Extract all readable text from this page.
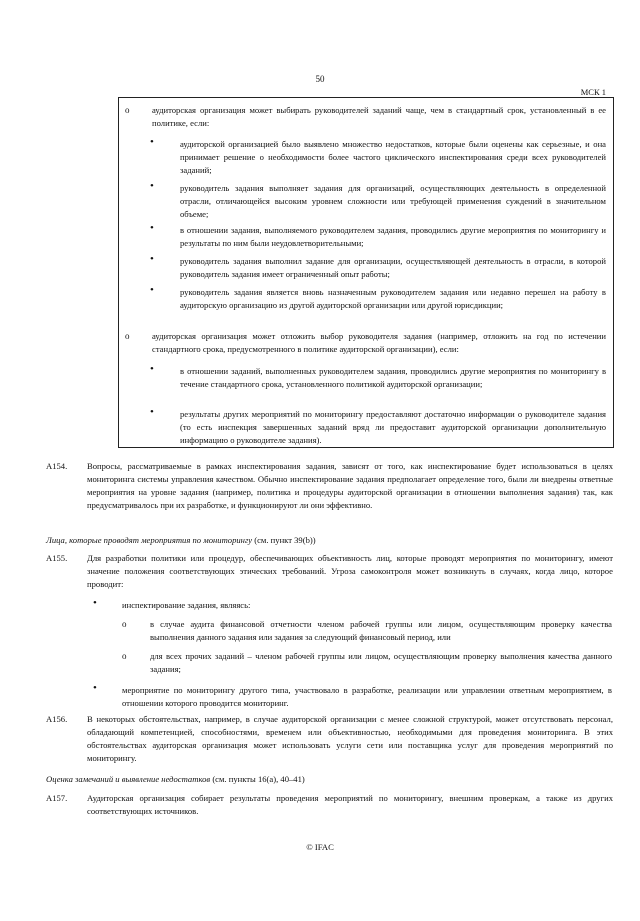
50
МСК 1
o	аудиторская организация может выбирать руководителей заданий чаще, чем в стандартный срок, установленный в ее политике, если:
•	аудиторской организацией было выявлено множество недостатков, которые были оценены как серьезные, и она принимает решение о необходимости более частого циклического инспектирования среди всех руководителей заданий;
•	руководитель задания выполняет задания для организаций, осуществляющих деятельность в определенной отрасли, отличающейся высоким уровнем сложности или требующей применения суждений в значительном объеме;
•	в отношении задания, выполняемого руководителем задания, проводились другие мероприятия по мониторингу и результаты по ним были неудовлетворительными;
•	руководитель задания выполнил задание для организации, осуществляющей деятельность в отрасли, в которой руководитель задания имеет ограниченный опыт работы;
•	руководитель задания является вновь назначенным руководителем задания или недавно перешел на работу в аудиторскую организацию из другой аудиторской организации или другой юрисдикции;
o	аудиторская организация может отложить выбор руководителя задания (например, отложить на год по истечении стандартного срока, предусмотренного в политике аудиторской организации), если:
•	в отношении заданий, выполненных руководителем задания, проводились другие мероприятия по мониторингу в течение стандартного срока, установленного политикой аудиторской организации;
•	результаты других мероприятий по мониторингу предоставляют достаточно информации о руководителе задания (то есть инспекция завершенных заданий вряд ли предоставит аудиторской организации дополнительную информацию о руководителе задания).
A154. Вопросы, рассматриваемые в рамках инспектирования задания, зависят от того, как инспектирование будет использоваться в целях мониторинга системы управления качеством. Обычно инспектирование задания предполагает определение того, были ли внедрены ответные мероприятия на уровне задания (например, политика и процедуры аудиторской организации в отношении выполнения задания) так, как предусматривалось при их разработке, и функционируют ли они эффективно.
Лица, которые проводят мероприятия по мониторингу (см. пункт 39(b))
A155. Для разработки политики или процедур, обеспечивающих объективность лиц, которые проводят мероприятия по мониторингу, имеют значение положения соответствующих этических требований. Угроза самоконтроля может возникнуть в случаях, когда лицо, которое проводит:
•	инспектирование задания, являясь:
o	в случае аудита финансовой отчетности членом рабочей группы или лицом, осуществляющим проверку качества выполнения данного задания или задания за следующий финансовый период, или
o	для всех прочих заданий – членом рабочей группы или лицом, осуществляющим проверку выполнения качества данного задания;
•	мероприятие по мониторингу другого типа, участвовало в разработке, реализации или управлении ответным мероприятием, в отношении которого проводится мониторинг.
A156. В некоторых обстоятельствах, например, в случае аудиторской организации с менее сложной структурой, может отсутствовать персонал, обладающий компетенцией, способностями, временем или объективностью, необходимыми для проведения мониторинга. В этих обстоятельствах аудиторская организация может использовать услуги сети или поставщика услуг для проведения мероприятий по мониторингу.
Оценка замечаний и выявление недостатков (см. пункты 16(а), 40–41)
A157. Аудиторская организация собирает результаты проведения мероприятий по мониторингу, внешним проверкам, а также из других соответствующих источников.
© IFAC
